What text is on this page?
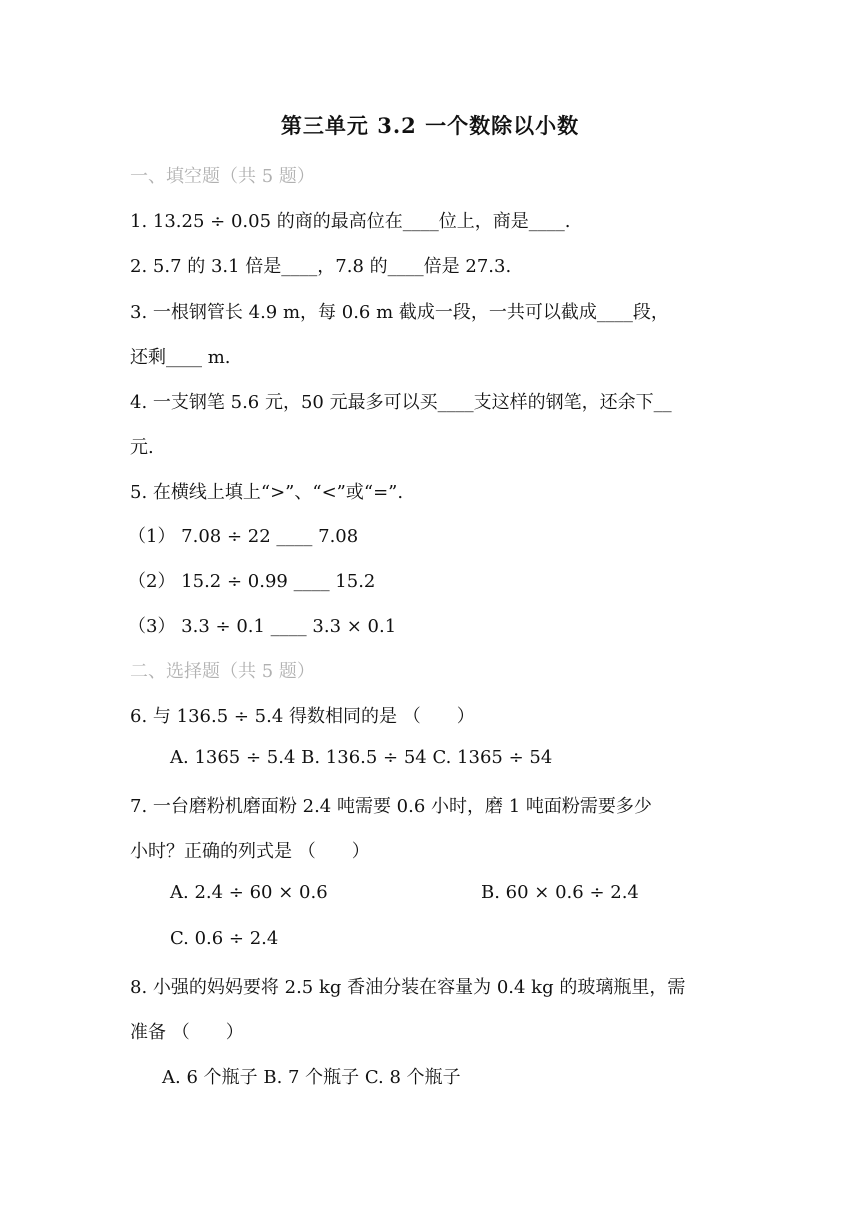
第三单元 3.2 一个数除以小数
一、填空题（共 5 题）
1. 13.25 ÷ 0.05 的商的最高位在____位上，商是____.
2. 5.7 的 3.1 倍是____，7.8 的____倍是 27.3.
3. 一根钢管长 4.9 m，每 0.6 m 截成一段，一共可以截成____段，
还剩____ m.
4. 一支钢笔 5.6 元，50 元最多可以买____支这样的钢笔，还余下__
元.
5. 在横线上填上“>”、“<”或“=”.
（1） 7.08 ÷ 22 ____ 7.08
（2） 15.2 ÷ 0.99 ____ 15.2
（3） 3.3 ÷ 0.1 ____ 3.3 × 0.1
二、选择题（共 5 题）
6. 与 136.5 ÷ 5.4 得数相同的是 （　　）
A. 1365 ÷ 5.4 B. 136.5 ÷ 54 C. 1365 ÷ 54
7. 一台磨粉机磨面粉 2.4 吨需要 0.6 小时，磨 1 吨面粉需要多少
小时？正确的列式是 （　　）
A. 2.4 ÷ 60 × 0.6	B. 60 × 0.6 ÷ 2.4
C. 0.6 ÷ 2.4
8. 小强的妈妈要将 2.5 kg 香油分装在容量为 0.4 kg 的玻璃瓶里，需
准备 （　　）
A. 6 个瓶子 B. 7 个瓶子 C. 8 个瓶子
